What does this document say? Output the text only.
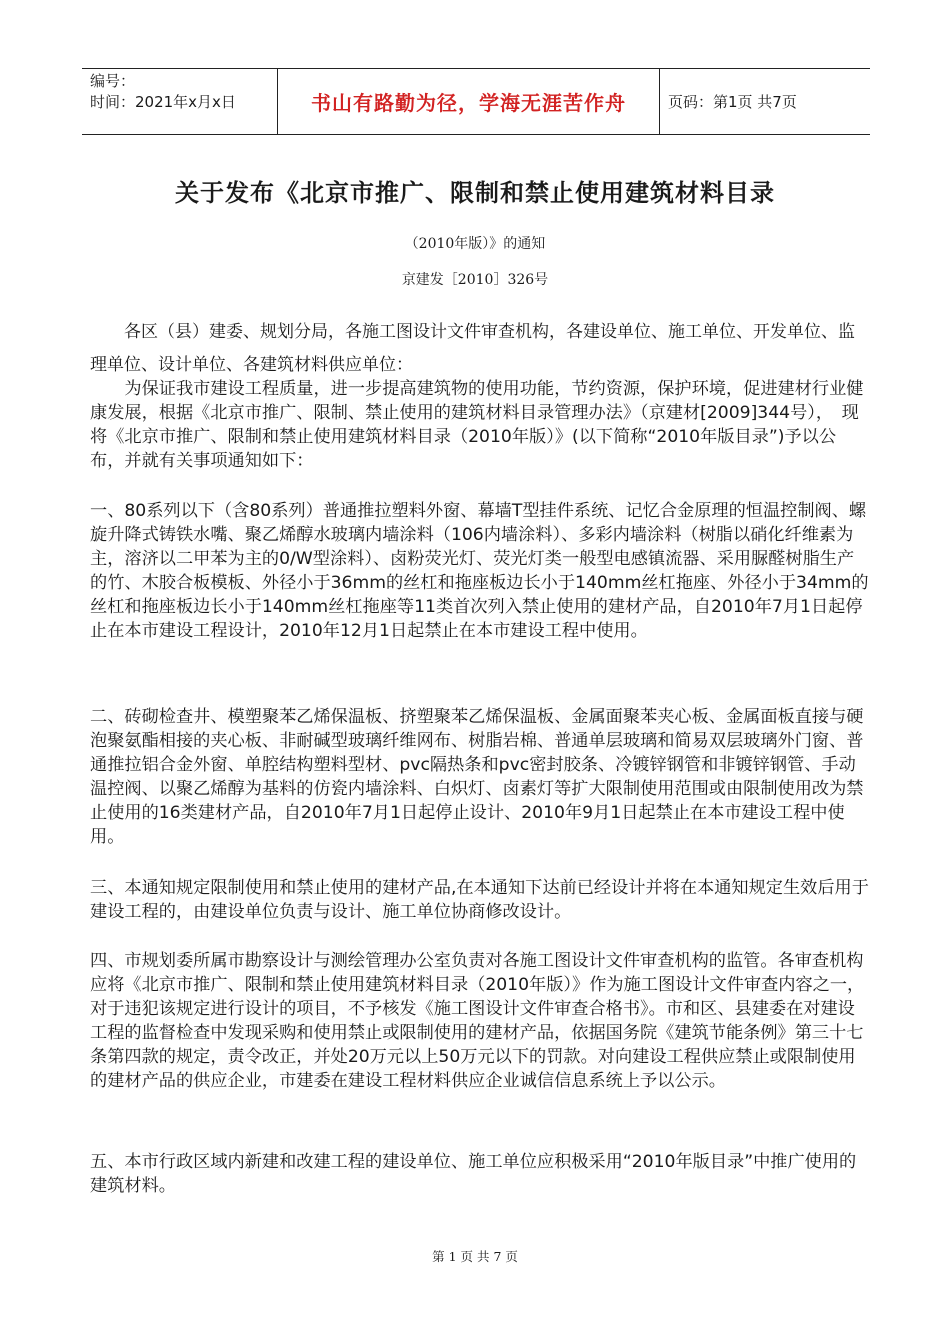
编号：
时间：2021年x月x日	书山有路勤为径，学海无涯苦作舟	页码：第1页 共7页
关于发布《北京市推广、限制和禁止使用建筑材料目录
（2010年版）》的通知
京建发［2010］326号

　　各区（县）建委、规划分局，各施工图设计文件审查机构，各建设单位、施工单位、开发单位、监理单位、设计单位、各建筑材料供应单位：

　　为保证我市建设工程质量，进一步提高建筑物的使用功能，节约资源，保护环境，促进建材行业健康发展，根据《北京市推广、限制、禁止使用的建筑材料目录管理办法》（京建材[2009]344号），　现将《北京市推广、限制和禁止使用建筑材料目录（2010年版）》(以下简称“2010年版目录”)予以公布，并就有关事项通知如下：

一、80系列以下（含80系列）普通推拉塑料外窗、幕墙T型挂件系统、记忆合金原理的恒温控制阀、螺旋升降式铸铁水嘴、聚乙烯醇水玻璃内墙涂料（106内墙涂料）、多彩内墙涂料（树脂以硝化纤维素为主，溶济以二甲苯为主的0/W型涂料）、卤粉荧光灯、荧光灯类一般型电感镇流器、采用脲醛树脂生产的竹、木胶合板模板、外径小于36mm的丝杠和拖座板边长小于140mm丝杠拖座、外径小于34mm的丝杠和拖座板边长小于140mm丝杠拖座等11类首次列入禁止使用的建材产品，自2010年7月1日起停止在本市建设工程设计，2010年12月1日起禁止在本市建设工程中使用。

二、砖砌检查井、模塑聚苯乙烯保温板、挤塑聚苯乙烯保温板、金属面聚苯夹心板、金属面板直接与硬泡聚氨酯相接的夹心板、非耐碱型玻璃纤维网布、树脂岩棉、普通单层玻璃和简易双层玻璃外门窗、普通推拉铝合金外窗、单腔结构塑料型材、pvc隔热条和pvc密封胶条、冷镀锌钢管和非镀锌钢管、手动温控阀、以聚乙烯醇为基料的仿瓷内墙涂料、白炽灯、卤素灯等扩大限制使用范围或由限制使用改为禁止使用的16类建材产品，自2010年7月1日起停止设计、2010年9月1日起禁止在本市建设工程中使用。

三、本通知规定限制使用和禁止使用的建材产品,在本通知下达前已经设计并将在本通知规定生效后用于建设工程的，由建设单位负责与设计、施工单位协商修改设计。

四、市规划委所属市勘察设计与测绘管理办公室负责对各施工图设计文件审查机构的监管。各审查机构应将《北京市推广、限制和禁止使用建筑材料目录（2010年版）》作为施工图设计文件审查内容之一，对于违犯该规定进行设计的项目，不予核发《施工图设计文件审查合格书》。市和区、县建委在对建设工程的监督检查中发现采购和使用禁止或限制使用的建材产品，依据国务院《建筑节能条例》第三十七条第四款的规定，责令改正，并处20万元以上50万元以下的罚款。对向建设工程供应禁止或限制使用的建材产品的供应企业，市建委在建设工程材料供应企业诚信信息系统上予以公示。

五、本市行政区域内新建和改建工程的建设单位、施工单位应积极采用“2010年版目录”中推广使用的建筑材料。

第 1 页 共 7 页
